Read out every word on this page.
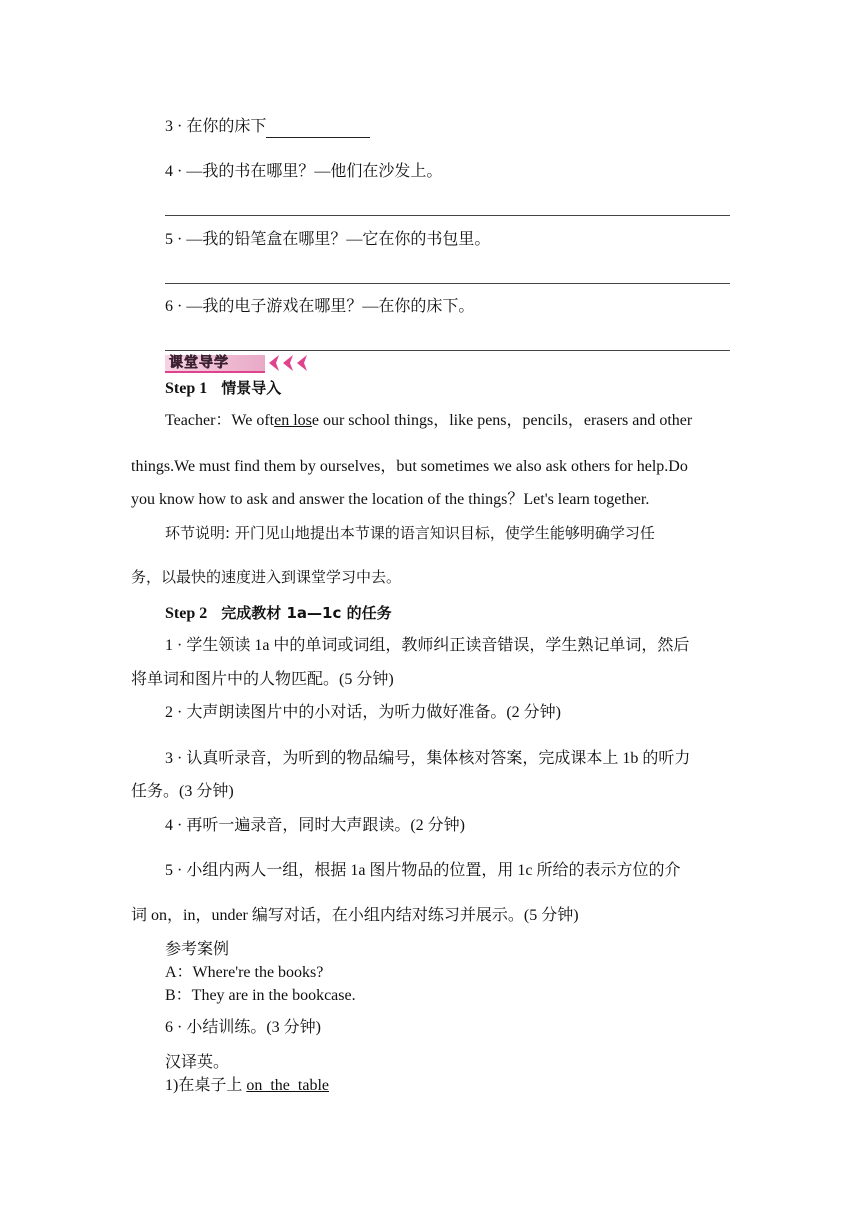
3 · 在你的床下
4 · —我的书在哪里？—他们在沙发上。
5 · —我的铅笔盒在哪里？—它在你的书包里。
6 · —我的电子游戏在哪里？—在你的床下。
课堂导学
Step 1 情景导入
Teacher：We often lose our school things，like pens，pencils，erasers and other
things.We must find them by ourselves，but sometimes we also ask others for help.Do
you know how to ask and answer the location of the things？Let's learn together.
环节说明: 开门见山地提出本节课的语言知识目标，使学生能够明确学习任
务，以最快的速度进入到课堂学习中去。
Step 2 完成教材 1a—1c 的任务
1 · 学生领读 1a 中的单词或词组，教师纠正读音错误，学生熟记单词，然后
将单词和图片中的人物匹配。(5 分钟)
2 · 大声朗读图片中的小对话，为听力做好准备。(2 分钟)
3 · 认真听录音，为听到的物品编号，集体核对答案，完成课本上 1b 的听力
任务。(3 分钟)
4 · 再听一遍录音，同时大声跟读。(2 分钟)
5 · 小组内两人一组，根据 1a 图片物品的位置，用 1c 所给的表示方位的介
词 on，in，under 编写对话，在小组内结对练习并展示。(5 分钟)
参考案例
A：Where're the books?
B：They are in the bookcase.
6 · 小结训练。(3 分钟)
汉译英。
1)在桌子上 on_the_table
